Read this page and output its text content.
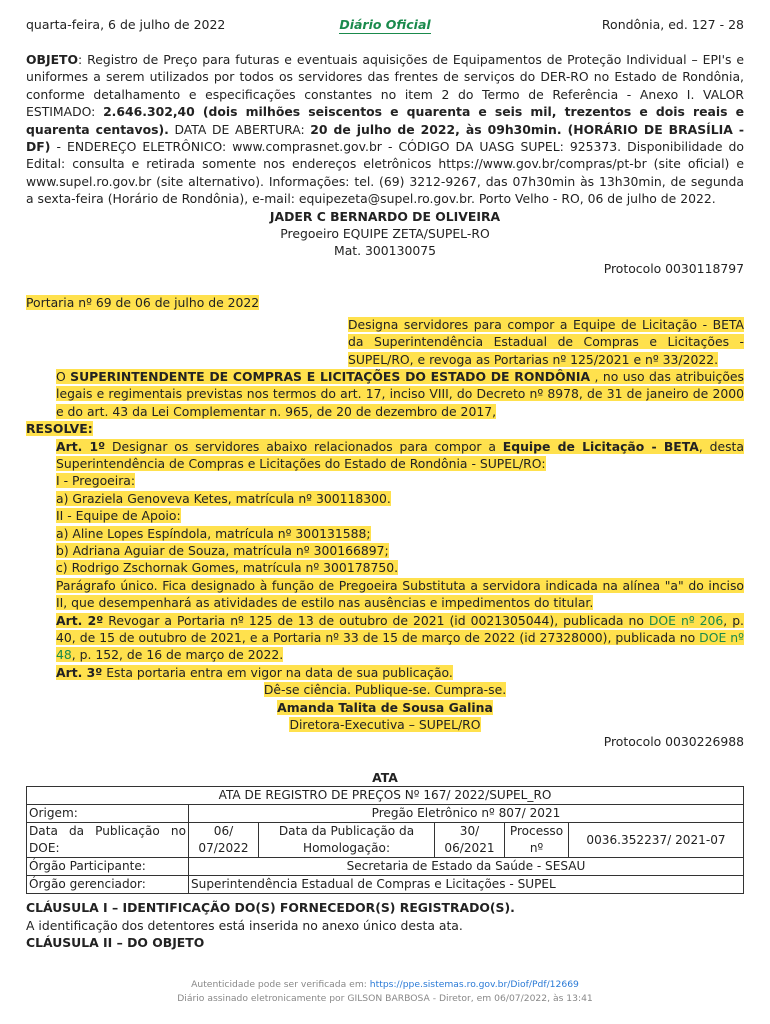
quarta-feira, 6 de julho de 2022	Diário Oficial	Rondônia, ed. 127 - 28

OBJETO: Registro de Preço para futuras e eventuais aquisições de Equipamentos de Proteção Individual – EPI's e uniformes a serem utilizados por todos os servidores das frentes de serviços do DER-RO no Estado de Rondônia, conforme detalhamento e especificações constantes no item 2 do Termo de Referência - Anexo I. VALOR ESTIMADO: 2.646.302,40 (dois milhões seiscentos e quarenta e seis mil, trezentos e dois reais e quarenta centavos). DATA DE ABERTURA: 20 de julho de 2022, às 09h30min. (HORÁRIO DE BRASÍLIA - DF) - ENDEREÇO ELETRÔNICO: www.comprasnet.gov.br - CÓDIGO DA UASG SUPEL: 925373. Disponibilidade do Edital: consulta e retirada somente nos endereços eletrônicos https://www.gov.br/compras/pt-br (site oficial) e www.supel.ro.gov.br (site alternativo). Informações: tel. (69) 3212-9267, das 07h30min às 13h30min, de segunda a sexta-feira (Horário de Rondônia), e-mail: equipezeta@supel.ro.gov.br. Porto Velho - RO, 06 de julho de 2022.

JADER C BERNARDO DE OLIVEIRA

Pregoeiro EQUIPE ZETA/SUPEL-RO

Mat. 300130075

Protocolo 0030118797

Portaria nº 69 de 06 de julho de 2022

Designa servidores para compor a Equipe de Licitação - BETA da Superintendência Estadual de Compras e Licitações - SUPEL/RO, e revoga as Portarias nº 125/2021 e nº 33/2022.

O SUPERINTENDENTE DE COMPRAS E LICITAÇÕES DO ESTADO DE RONDÔNIA , no uso das atribuições legais e regimentais previstas nos termos do art. 17, inciso VIII, do Decreto nº 8978, de 31 de janeiro de 2000 e do art. 43 da Lei Complementar n. 965, de 20 de dezembro de 2017,

RESOLVE:

Art. 1º Designar os servidores abaixo relacionados para compor a Equipe de Licitação - BETA, desta Superintendência de Compras e Licitações do Estado de Rondônia - SUPEL/RO:

I - Pregoeira:

a) Graziela Genoveva Ketes, matrícula nº 300118300.

II - Equipe de Apoio:

a) Aline Lopes Espíndola, matrícula nº 300131588;

b) Adriana Aguiar de Souza, matrícula nº 300166897;

c) Rodrigo Zschornak Gomes, matrícula nº 300178750.

Parágrafo único. Fica designado à função de Pregoeira Substituta a servidora indicada na alínea "a" do inciso II, que desempenhará as atividades de estilo nas ausências e impedimentos do titular.

Art. 2º Revogar a Portaria nº 125 de 13 de outubro de 2021 (id 0021305044), publicada no DOE nº 206, p. 40, de 15 de outubro de 2021, e a Portaria nº 33 de 15 de março de 2022 (id 27328000), publicada no DOE nº 48, p. 152, de 16 de março de 2022.

Art. 3º Esta portaria entra em vigor na data de sua publicação.

Dê-se ciência. Publique-se. Cumpra-se.

Amanda Talita de Sousa Galina

Diretora-Executiva – SUPEL/RO

Protocolo 0030226988

ATA

ATA DE REGISTRO DE PREÇOS Nº 167/ 2022/SUPEL_RO					
Origem:	Pregão Eletrônico nº 807/ 2021				
Data da Publicação no DOE:	06/ 07/2022	Data da Publicação da Homologação:	30/ 06/2021	Processo nº	0036.352237/ 2021-07
Órgão Participante:	Secretaria de Estado da Saúde - SESAU				
Órgão gerenciador:	Superintendência Estadual de Compras e Licitações - SUPEL				

CLÁUSULA I – IDENTIFICAÇÃO DO(S) FORNECEDOR(S) REGISTRADO(S).

A identificação dos detentores está inserida no anexo único desta ata.

CLÁUSULA II – DO OBJETO

Autenticidade pode ser verificada em: https://ppe.sistemas.ro.gov.br/Diof/Pdf/12669
Diário assinado eletronicamente por GILSON BARBOSA - Diretor, em 06/07/2022, às 13:41
